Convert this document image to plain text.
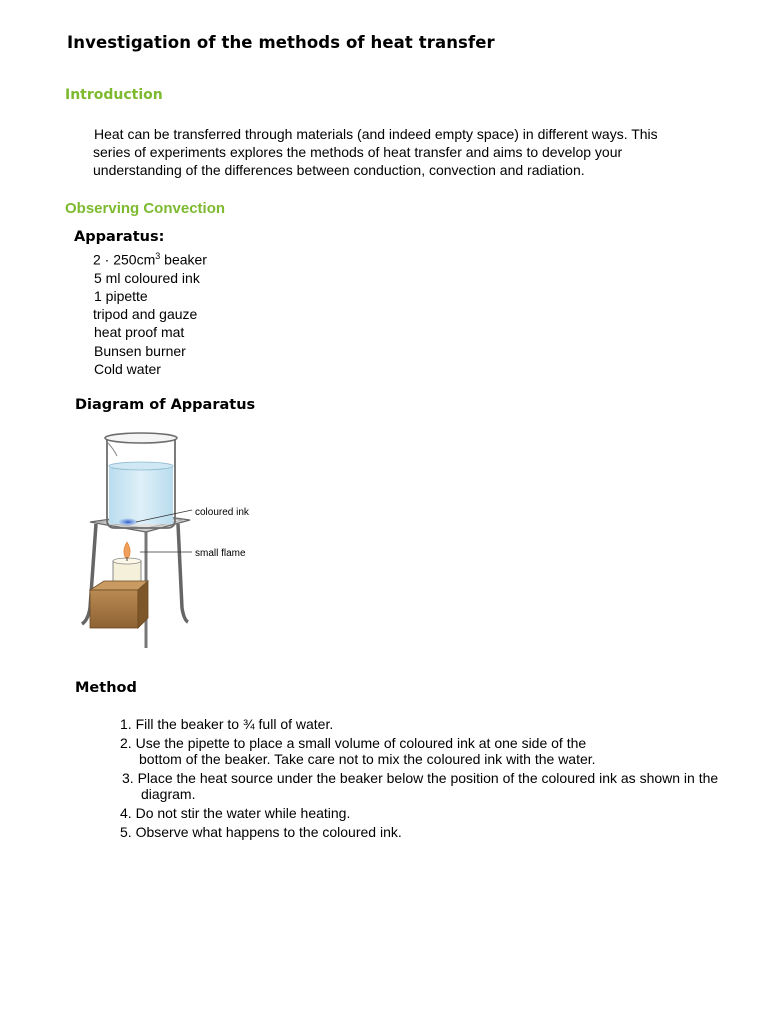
Investigation of the methods of heat transfer
Introduction
Heat can be transferred through materials (and indeed empty space) in different ways. This
series of experiments explores the methods of heat transfer and aims to develop your
understanding of the differences between conduction, convection and radiation.
Observing Convection
Apparatus:
$2 \cdot 250cm^3$ beaker
5 ml coloured ink
1 pipette
tripod and gauze
heat proof mat
Bunsen burner
Cold water
Diagram of Apparatus
coloured ink
small flame
Method
1. Fill the beaker to ¾ full of water.
2. Use the pipette to place a small volume of coloured ink at one side of the
bottom of the beaker. Take care not to mix the coloured ink with the water.
3. Place the heat source under the beaker below the position of the coloured ink as shown in the
diagram.
4. Do not stir the water while heating.
5. Observe what happens to the coloured ink.
